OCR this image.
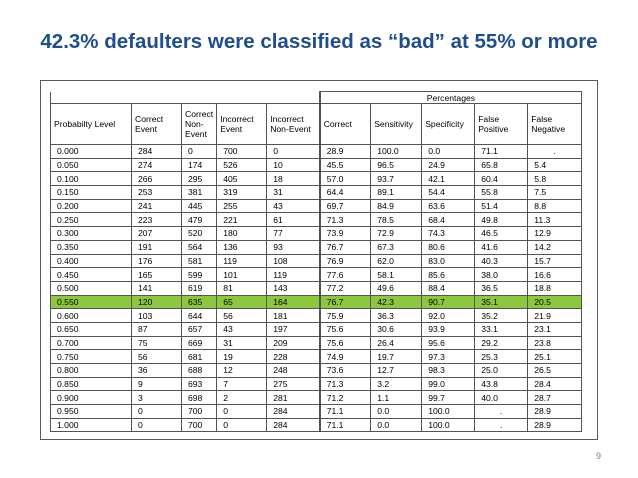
42.3% defaulters were classified as “bad” at 55% or more
					Percentages				
Probabilty Level	Correct Event	Correct Non-Event	Incorrect Event	Incorrect Non-Event	Correct	Sensitivity	Specificity	False Positive	False Negative
0.000	284	0	700	0	28.9	100.0	0.0	71.1	.
0.050	274	174	526	10	45.5	96.5	24.9	65.8	5.4
0.100	266	295	405	18	57.0	93.7	42.1	60.4	5.8
0.150	253	381	319	31	64.4	89.1	54.4	55.8	7.5
0.200	241	445	255	43	69.7	84.9	63.6	51.4	8.8
0.250	223	479	221	61	71.3	78.5	68.4	49.8	11.3
0.300	207	520	180	77	73.9	72.9	74.3	46.5	12.9
0.350	191	564	136	93	76.7	67.3	80.6	41.6	14.2
0.400	176	581	119	108	76.9	62.0	83.0	40.3	15.7
0.450	165	599	101	119	77.6	58.1	85.6	38.0	16.6
0.500	141	619	81	143	77.2	49.6	88.4	36.5	18.8
0.550	120	635	65	164	76.7	42.3	90.7	35.1	20.5
0.600	103	644	56	181	75.9	36.3	92.0	35.2	21.9
0.650	87	657	43	197	75.6	30.6	93.9	33.1	23.1
0.700	75	669	31	209	75.6	26.4	95.6	29.2	23.8
0.750	56	681	19	228	74.9	19.7	97.3	25.3	25.1
0.800	36	688	12	248	73.6	12.7	98.3	25.0	26.5
0.850	9	693	7	275	71.3	3.2	99.0	43.8	28.4
0.900	3	698	2	281	71.2	1.1	99.7	40.0	28.7
0.950	0	700	0	284	71.1	0.0	100.0	.	28.9
1.000	0	700	0	284	71.1	0.0	100.0	.	28.9
9
